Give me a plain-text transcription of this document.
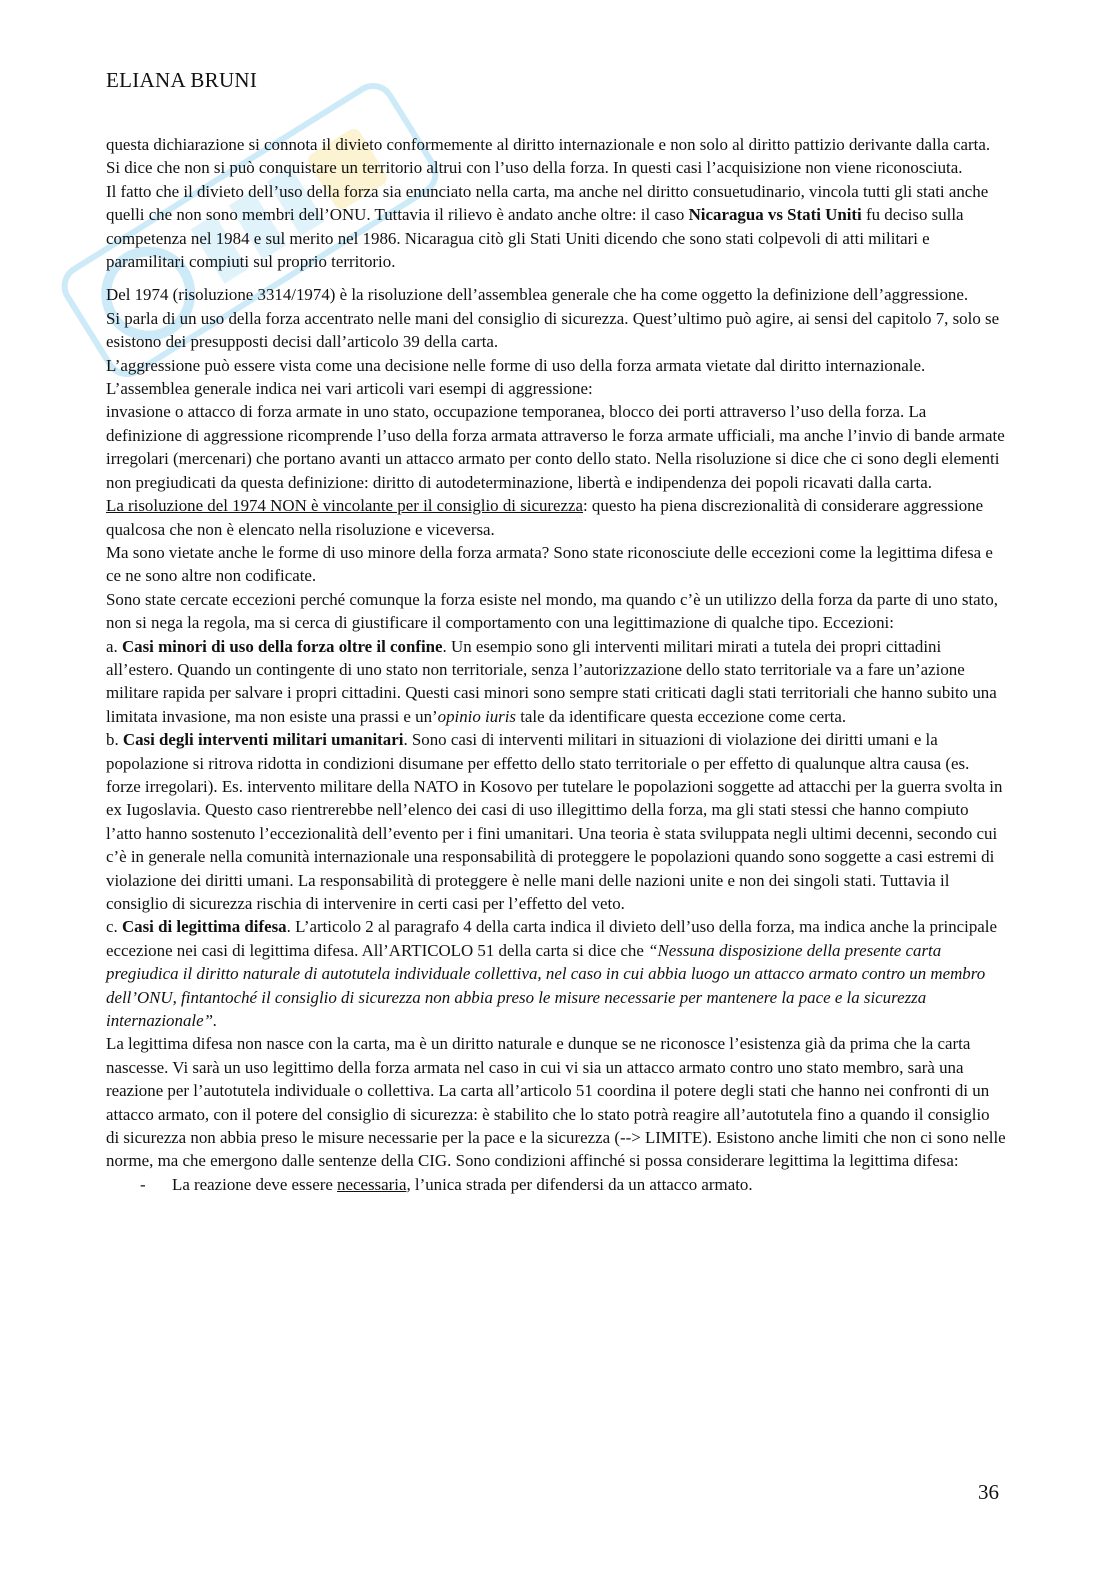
ELIANA BRUNI

questa dichiarazione si connota il divieto conformemente al diritto internazionale e non solo al diritto pattizio derivante dalla carta.

Si dice che non si può conquistare un territorio altrui con l’uso della forza. In questi casi l’acquisizione non viene riconosciuta.

Il fatto che il divieto dell’uso della forza sia enunciato nella carta, ma anche nel diritto consuetudinario, vincola tutti gli stati anche quelli che non sono membri dell’ONU. Tuttavia il rilievo è andato anche oltre: il caso Nicaragua vs Stati Uniti fu deciso sulla competenza nel 1984 e sul merito nel 1986. Nicaragua citò gli Stati Uniti dicendo che sono stati colpevoli di atti militari e paramilitari compiuti sul proprio territorio.

Del 1974 (risoluzione 3314/1974) è la risoluzione dell’assemblea generale che ha come oggetto la definizione dell’aggressione.

Si parla di un uso della forza accentrato nelle mani del consiglio di sicurezza. Quest’ultimo può agire, ai sensi del capitolo 7, solo se esistono dei presupposti decisi dall’articolo 39 della carta.

L’aggressione può essere vista come una decisione nelle forme di uso della forza armata vietate dal diritto internazionale. L’assemblea generale indica nei vari articoli vari esempi di aggressione:

invasione o attacco di forza armate in uno stato, occupazione temporanea, blocco dei porti attraverso l’uso della forza. La definizione di aggressione ricomprende l’uso della forza armata attraverso le forza armate ufficiali, ma anche l’invio di bande armate irregolari (mercenari) che portano avanti un attacco armato per conto dello stato. Nella risoluzione si dice che ci sono degli elementi non pregiudicati da questa definizione: diritto di autodeterminazione, libertà e indipendenza dei popoli ricavati dalla carta.

La risoluzione del 1974 NON è vincolante per il consiglio di sicurezza: questo ha piena discrezionalità di considerare aggressione qualcosa che non è elencato nella risoluzione e viceversa.

Ma sono vietate anche le forme di uso minore della forza armata? Sono state riconosciute delle eccezioni come la legittima difesa e ce ne sono altre non codificate.

Sono state cercate eccezioni perché comunque la forza esiste nel mondo, ma quando c’è un utilizzo della forza da parte di uno stato, non si nega la regola, ma si cerca di giustificare il comportamento con una legittimazione di qualche tipo. Eccezioni:

a. Casi minori di uso della forza oltre il confine. Un esempio sono gli interventi militari mirati a tutela dei propri cittadini all’estero. Quando un contingente di uno stato non territoriale, senza l’autorizzazione dello stato territoriale va a fare un’azione militare rapida per salvare i propri cittadini. Questi casi minori sono sempre stati criticati dagli stati territoriali che hanno subito una limitata invasione, ma non esiste una prassi e un’opinio iuris tale da identificare questa eccezione come certa.

b. Casi degli interventi militari umanitari. Sono casi di interventi militari in situazioni di violazione dei diritti umani e la popolazione si ritrova ridotta in condizioni disumane per effetto dello stato territoriale o per effetto di qualunque altra causa (es. forze irregolari). Es. intervento militare della NATO in Kosovo per tutelare le popolazioni soggette ad attacchi per la guerra svolta in ex Iugoslavia. Questo caso rientrerebbe nell’elenco dei casi di uso illegittimo della forza, ma gli stati stessi che hanno compiuto l’atto hanno sostenuto l’eccezionalità dell’evento per i fini umanitari. Una teoria è stata sviluppata negli ultimi decenni, secondo cui c’è in generale nella comunità internazionale una responsabilità di proteggere le popolazioni quando sono soggette a casi estremi di violazione dei diritti umani. La responsabilità di proteggere è nelle mani delle nazioni unite e non dei singoli stati. Tuttavia il consiglio di sicurezza rischia di intervenire in certi casi per l’effetto del veto.

c. Casi di legittima difesa. L’articolo 2 al paragrafo 4 della carta indica il divieto dell’uso della forza, ma indica anche la principale eccezione nei casi di legittima difesa. All’ARTICOLO 51 della carta si dice che “Nessuna disposizione della presente carta pregiudica il diritto naturale di autotutela individuale collettiva, nel caso in cui abbia luogo un attacco armato contro un membro dell’ONU, fintantoché il consiglio di sicurezza non abbia preso le misure necessarie per mantenere la pace e la sicurezza internazionale”.

La legittima difesa non nasce con la carta, ma è un diritto naturale e dunque se ne riconosce l’esistenza già da prima che la carta nascesse. Vi sarà un uso legittimo della forza armata nel caso in cui vi sia un attacco armato contro uno stato membro, sarà una reazione per l’autotutela individuale o collettiva. La carta all’articolo 51 coordina il potere degli stati che hanno nei confronti di un attacco armato, con il potere del consiglio di sicurezza: è stabilito che lo stato potrà reagire all’autotutela fino a quando il consiglio di sicurezza non abbia preso le misure necessarie per la pace e la sicurezza (--> LIMITE). Esistono anche limiti che non ci sono nelle norme, ma che emergono dalle sentenze della CIG. Sono condizioni affinché si possa considerare legittima la legittima difesa:

-	La reazione deve essere necessaria, l’unica strada per difendersi da un attacco armato.
36
